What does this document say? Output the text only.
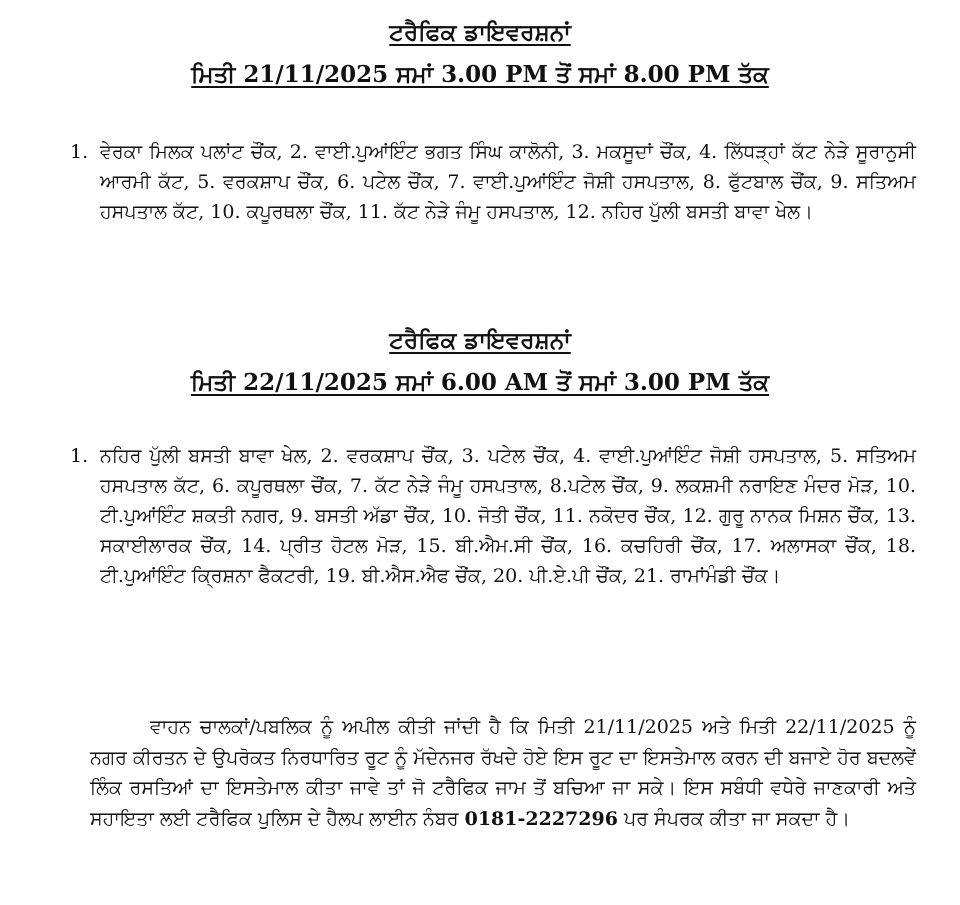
ਟਰੈਫਿਕ ਡਾਇਵਰਸ਼ਨਾਂ
ਮਿਤੀ 21/11/2025 ਸਮਾਂ 3.00 PM ਤੋਂ ਸਮਾਂ 8.00 PM ਤੱਕ
1. ਵੇਰਕਾ ਮਿਲਕ ਪਲਾਂਟ ਚੌਂਕ, 2. ਵਾਈ.ਪੁਆਂਇੰਟ ਭਗਤ ਸਿੰਘ ਕਾਲੋਨੀ, 3. ਮਕਸੂਦਾਂ ਚੌਂਕ, 4. ਲਿੱਧੜ੍ਹਾਂ ਕੱਟ ਨੇੜੇ ਸੂਰਾਨੁਸੀ ਆਰਮੀ ਕੱਟ, 5. ਵਰਕਸ਼ਾਪ ਚੌਂਕ, 6. ਪਟੇਲ ਚੌਂਕ, 7. ਵਾਈ.ਪੁਆਂਇੰਟ ਜੋਸ਼ੀ ਹਸਪਤਾਲ, 8. ਫੁੱਟਬਾਲ ਚੌਂਕ, 9. ਸਤਿਅਮ ਹਸਪਤਾਲ ਕੱਟ, 10. ਕਪੂਰਥਲਾ ਚੌਂਕ, 11. ਕੱਟ ਨੇੜੇ ਜੰਮੂ ਹਸਪਤਾਲ, 12. ਨਹਿਰ ਪੁੱਲੀ ਬਸਤੀ ਬਾਵਾ ਖੇਲ।

ਟਰੈਫਿਕ ਡਾਇਵਰਸ਼ਨਾਂ
ਮਿਤੀ 22/11/2025 ਸਮਾਂ 6.00 AM ਤੋਂ ਸਮਾਂ 3.00 PM ਤੱਕ
1. ਨਹਿਰ ਪੁੱਲੀ ਬਸਤੀ ਬਾਵਾ ਖੇਲ, 2. ਵਰਕਸ਼ਾਪ ਚੌਂਕ, 3. ਪਟੇਲ ਚੌਂਕ, 4. ਵਾਈ.ਪੁਆਂਇੰਟ ਜੋਸ਼ੀ ਹਸਪਤਾਲ, 5. ਸਤਿਅਮ ਹਸਪਤਾਲ ਕੱਟ, 6. ਕਪੂਰਥਲਾ ਚੌਂਕ, 7. ਕੱਟ ਨੇੜੇ ਜੰਮੂ ਹਸਪਤਾਲ, 8.ਪਟੇਲ ਚੌਂਕ, 9. ਲਕਸ਼ਮੀ ਨਰਾਇਣ ਮੰਦਰ ਮੋੜ, 10. ਟੀ.ਪੁਆਂਇੰਟ ਸ਼ਕਤੀ ਨਗਰ, 9. ਬਸਤੀ ਅੱਡਾ ਚੌਂਕ, 10. ਜੋਤੀ ਚੌਂਕ, 11. ਨਕੋਦਰ ਚੌਂਕ, 12. ਗੁਰੂ ਨਾਨਕ ਮਿਸ਼ਨ ਚੌਂਕ, 13. ਸਕਾਈਲਾਰਕ ਚੌਂਕ, 14. ਪ੍ਰੀਤ ਹੋਟਲ ਮੋੜ, 15. ਬੀ.ਐਮ.ਸੀ ਚੌਂਕ, 16. ਕਚਹਿਰੀ ਚੌਂਕ, 17. ਅਲਾਸਕਾ ਚੌਂਕ, 18. ਟੀ.ਪੁਆਂਇੰਟ ਕ੍ਰਿਸ਼ਨਾ ਫੈਕਟਰੀ, 19. ਬੀ.ਐਸ.ਐਫ ਚੌਂਕ, 20. ਪੀ.ਏ.ਪੀ ਚੌਂਕ, 21. ਰਾਮਾਂਮੰਡੀ ਚੌਂਕ।

ਵਾਹਨ ਚਾਲਕਾਂ/ਪਬਲਿਕ ਨੂੰ ਅਪੀਲ ਕੀਤੀ ਜਾਂਦੀ ਹੈ ਕਿ ਮਿਤੀ 21/11/2025 ਅਤੇ ਮਿਤੀ 22/11/2025 ਨੂੰ ਨਗਰ ਕੀਰਤਨ ਦੇ ਉਪਰੋਕਤ ਨਿਰਧਾਰਿਤ ਰੂਟ ਨੂੰ ਮੱਦੇਨਜਰ ਰੱਖਦੇ ਹੋਏ ਇਸ ਰੂਟ ਦਾ ਇਸਤੇਮਾਲ ਕਰਨ ਦੀ ਬਜਾਏ ਹੋਰ ਬਦਲਵੇਂ ਲਿੰਕ ਰਸਤਿਆਂ ਦਾ ਇਸਤੇਮਾਲ ਕੀਤਾ ਜਾਵੇ ਤਾਂ ਜੋ ਟਰੈਫਿਕ ਜਾਮ ਤੋਂ ਬਚਿਆ ਜਾ ਸਕੇ। ਇਸ ਸਬੰਧੀ ਵਧੇਰੇ ਜਾਣਕਾਰੀ ਅਤੇ ਸਹਾਇਤਾ ਲਈ ਟਰੈਫਿਕ ਪੁਲਿਸ ਦੇ ਹੈਲਪ ਲਾਈਨ ਨੰਬਰ 0181-2227296 ਪਰ ਸੰਪਰਕ ਕੀਤਾ ਜਾ ਸਕਦਾ ਹੈ।
